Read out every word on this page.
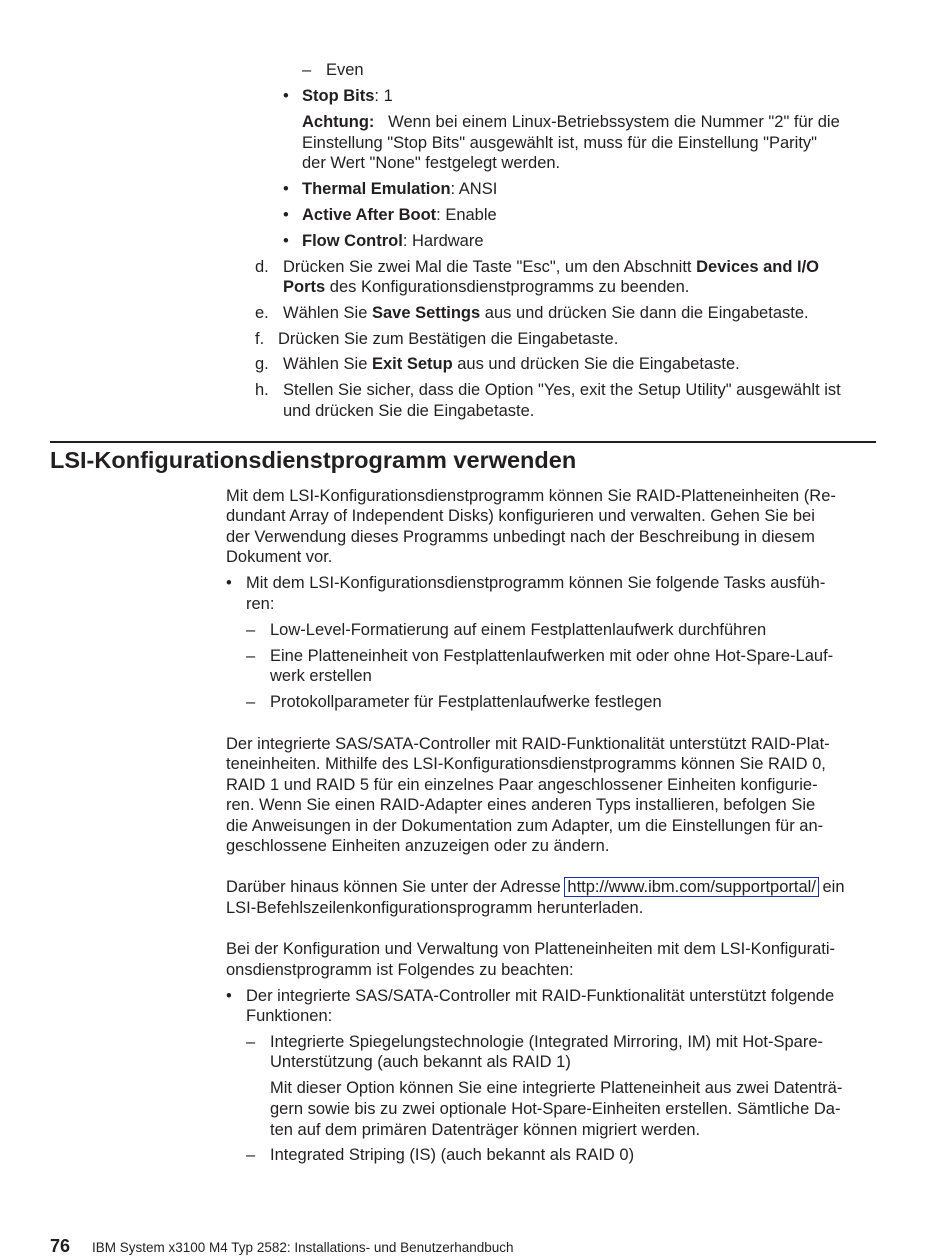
– Even
• Stop Bits: 1
Achtung: Wenn bei einem Linux-Betriebssystem die Nummer "2" für die
Einstellung "Stop Bits" ausgewählt ist, muss für die Einstellung "Parity"
der Wert "None" festgelegt werden.
• Thermal Emulation: ANSI
• Active After Boot: Enable
• Flow Control: Hardware
d. Drücken Sie zwei Mal die Taste "Esc", um den Abschnitt Devices and I/O
Ports des Konfigurationsdienstprogramms zu beenden.
e. Wählen Sie Save Settings aus und drücken Sie dann die Eingabetaste.
f. Drücken Sie zum Bestätigen die Eingabetaste.
g. Wählen Sie Exit Setup aus und drücken Sie die Eingabetaste.
h. Stellen Sie sicher, dass die Option "Yes, exit the Setup Utility" ausgewählt ist
und drücken Sie die Eingabetaste.
LSI-Konfigurationsdienstprogramm verwenden
Mit dem LSI-Konfigurationsdienstprogramm können Sie RAID-Platteneinheiten (Re-
dundant Array of Independent Disks) konfigurieren und verwalten. Gehen Sie bei
der Verwendung dieses Programms unbedingt nach der Beschreibung in diesem
Dokument vor.
• Mit dem LSI-Konfigurationsdienstprogramm können Sie folgende Tasks ausfüh-
ren:
– Low-Level-Formatierung auf einem Festplattenlaufwerk durchführen
– Eine Platteneinheit von Festplattenlaufwerken mit oder ohne Hot-Spare-Lauf-
werk erstellen
– Protokollparameter für Festplattenlaufwerke festlegen
Der integrierte SAS/SATA-Controller mit RAID-Funktionalität unterstützt RAID-Plat-
teneinheiten. Mithilfe des LSI-Konfigurationsdienstprogramms können Sie RAID 0,
RAID 1 und RAID 5 für ein einzelnes Paar angeschlossener Einheiten konfigurie-
ren. Wenn Sie einen RAID-Adapter eines anderen Typs installieren, befolgen Sie
die Anweisungen in der Dokumentation zum Adapter, um die Einstellungen für an-
geschlossene Einheiten anzuzeigen oder zu ändern.
Darüber hinaus können Sie unter der Adresse http://www.ibm.com/supportportal/ ein
LSI-Befehlszeilenkonfigurationsprogramm herunterladen.
Bei der Konfiguration und Verwaltung von Platteneinheiten mit dem LSI-Konfigurati-
onsdienstprogramm ist Folgendes zu beachten:
• Der integrierte SAS/SATA-Controller mit RAID-Funktionalität unterstützt folgende
Funktionen:
– Integrierte Spiegelungstechnologie (Integrated Mirroring, IM) mit Hot-Spare-
Unterstützung (auch bekannt als RAID 1)
Mit dieser Option können Sie eine integrierte Platteneinheit aus zwei Datenträ-
gern sowie bis zu zwei optionale Hot-Spare-Einheiten erstellen. Sämtliche Da-
ten auf dem primären Datenträger können migriert werden.
– Integrated Striping (IS) (auch bekannt als RAID 0)
76 IBM System x3100 M4 Typ 2582: Installations- und Benutzerhandbuch
